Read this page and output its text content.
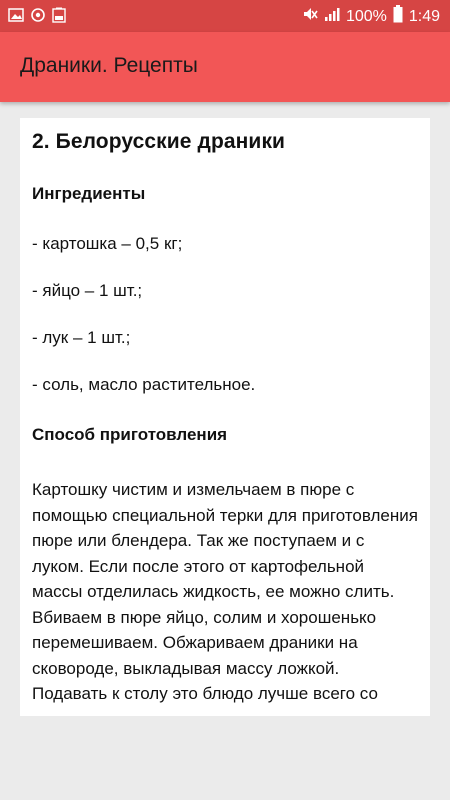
100% 1:49
Драники. Рецепты
2. Белорусские драники
Ингредиенты
- картошка – 0,5 кг;
- яйцо – 1 шт.;
- лук – 1 шт.;
- соль, масло растительное.
Способ приготовления

Картошку чистим и измельчаем в пюре с помощью специальной терки для приготовления пюре или блендера. Так же поступаем и с луком. Если после этого от картофельной массы отделилась жидкость, ее можно слить. Вбиваем в пюре яйцо, солим и хорошенько перемешиваем. Обжариваем драники на сковороде, выкладывая массу ложкой. Подавать к столу это блюдо лучше всего со
